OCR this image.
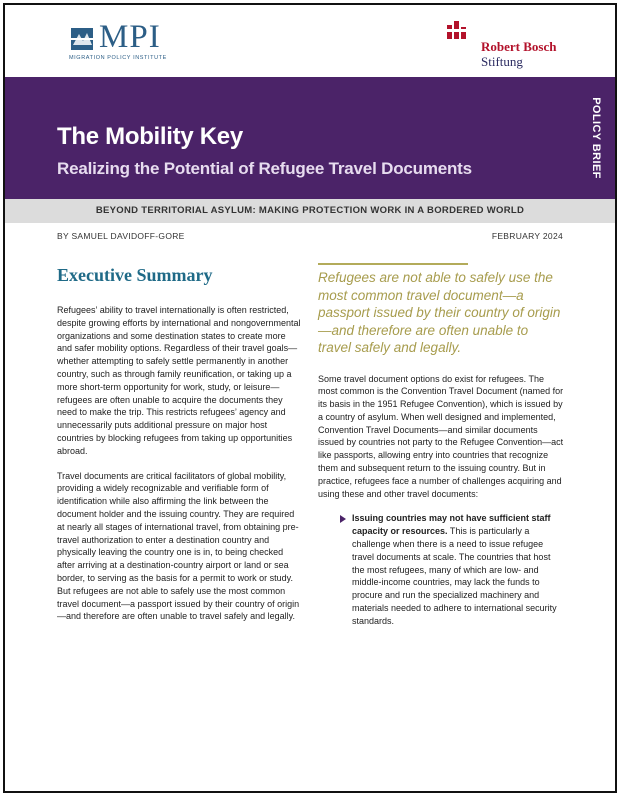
MPI
MIGRATION POLICY INSTITUTE
Robert Bosch
Stiftung
The Mobility Key
Realizing the Potential of Refugee Travel Documents	POLICY BRIEF
BEYOND TERRITORIAL ASYLUM: MAKING PROTECTION WORK IN A BORDERED WORLD
BY SAMUEL DAVIDOFF-GORE	FEBRUARY 2024
Executive Summary

Refugees’ ability to travel internationally is often restricted, despite growing efforts by international and nongovernmental organizations and some destination states to create more and safer mobility options. Regardless of their travel goals—whether attempting to safely settle permanently in another country, such as through family reunification, or taking up a more short-term opportunity for work, study, or leisure—refugees are often unable to acquire the documents they need to make the trip. This restricts refugees’ agency and unnecessarily puts additional pressure on major host countries by blocking refugees from taking up opportunities abroad.

Travel documents are critical facilitators of global mobility, providing a widely recognizable and verifiable form of identification while also affirming the link between the document holder and the issuing country. They are required at nearly all stages of international travel, from obtaining pre-travel authorization to enter a destination country and physically leaving the country one is in, to being checked after arriving at a destination-country airport or land or sea border, to serving as the basis for a permit to work or study. But refugees are not able to safely use the most common travel document—a passport issued by their country of origin—and therefore are often unable to travel safely and legally.

Refugees are not able to safely use the most common travel document—a passport issued by their country of origin—and therefore are often unable to travel safely and legally.

Some travel document options do exist for refugees. The most common is the Convention Travel Document (named for its basis in the 1951 Refugee Convention), which is issued by a country of asylum. When well designed and implemented, Convention Travel Documents—and similar documents issued by countries not party to the Refugee Convention—act like passports, allowing entry into countries that recognize them and subsequent return to the issuing country. But in practice, refugees face a number of challenges acquiring and using these and other travel documents:

Issuing countries may not have sufficient staff capacity or resources. This is particularly a challenge when there is a need to issue refugee travel documents at scale. The countries that host the most refugees, many of which are low- and middle-income countries, may lack the funds to procure and run the specialized machinery and materials needed to adhere to international security standards.
